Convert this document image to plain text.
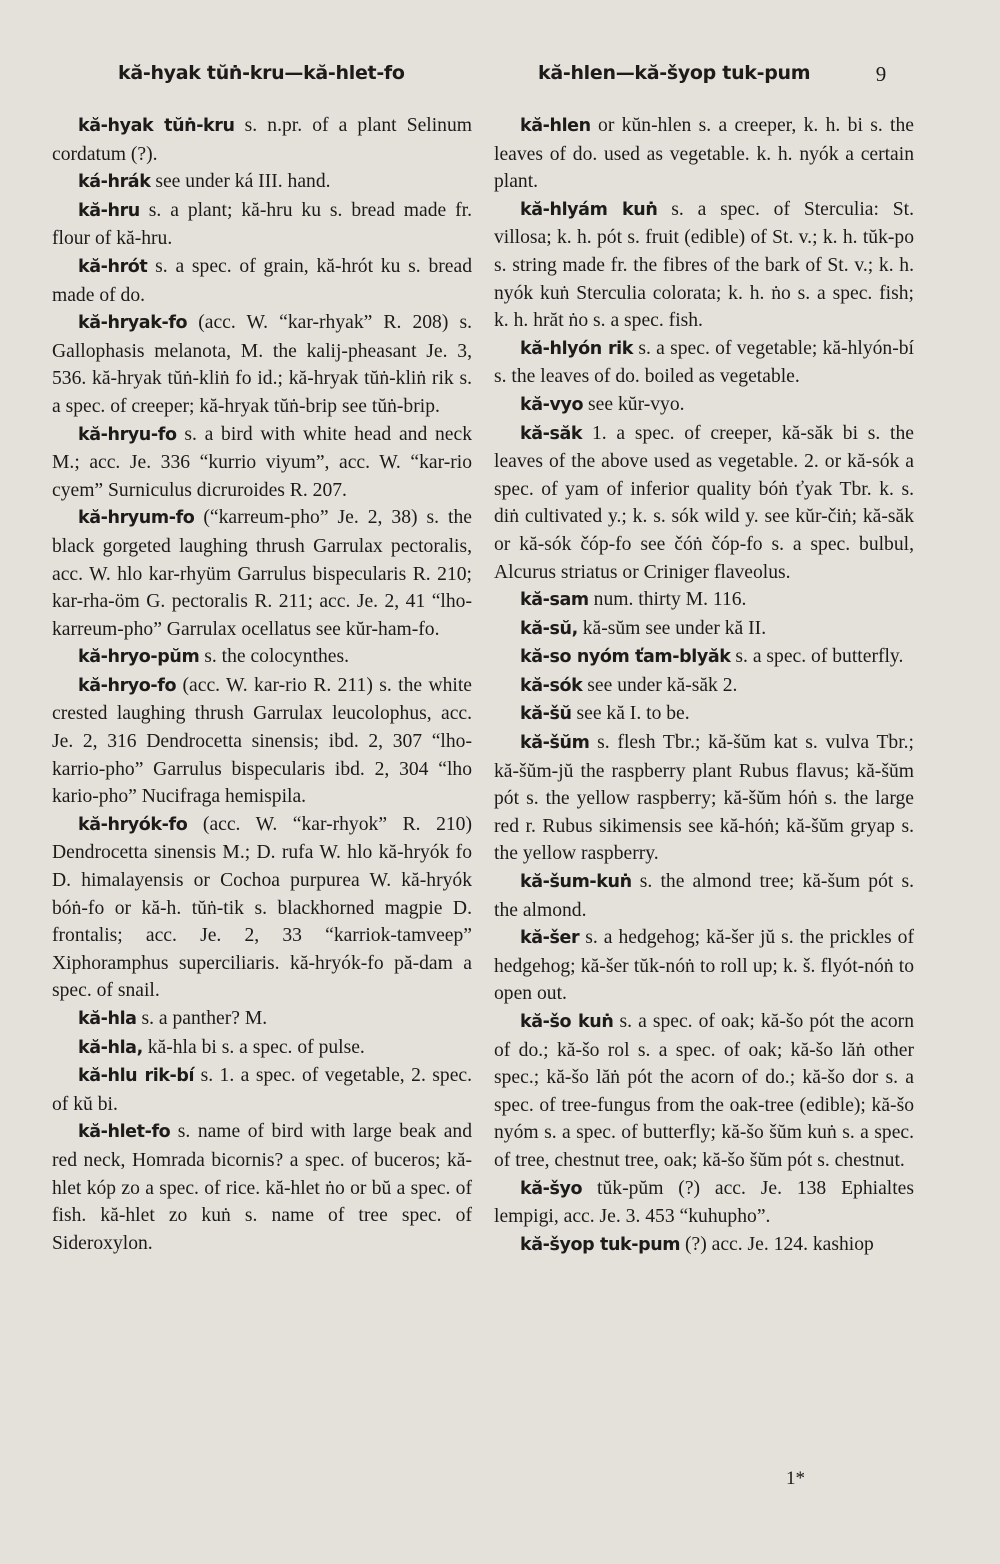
kă-hyak tŭṅ-kru—kă-hlet-fo	kă-hlen—kă-šyop tuk-pum	9

kă-hyak tŭṅ-kru s. n.pr. of a plant Selinum cordatum (?).

ká-hrák see under ká III. hand.

kă-hru s. a plant; kă-hru ku s. bread made fr. flour of kă-hru.

kă-hrót s. a spec. of grain, kă-hrót ku s. bread made of do.

kă-hryak-fo (acc. W. “kar-rhyak” R. 208) s. Gallophasis melanota, M. the kalij-pheasant Je. 3, 536. kă-hryak tŭṅ-kliṅ fo id.; kă-hryak tŭṅ-kliṅ rik s. a spec. of creeper; kă-hryak tŭṅ-brip see tŭṅ-brip.

kă-hryu-fo s. a bird with white head and neck M.; acc. Je. 336 “kurrio viyum”, acc. W. “kar-rio cyem” Surniculus dicruroides R. 207.

kă-hryum-fo (“karreum-pho” Je. 2, 38) s. the black gorgeted laughing thrush Garrulax pectoralis, acc. W. hlo kar-rhyüm Garrulus bispecularis R. 210; kar-rha-öm G. pectoralis R. 211; acc. Je. 2, 41 “lho-karreum-pho” Garrulax ocellatus see kŭr-ham-fo.

kă-hryo-pŭm s. the colocynthes.

kă-hryo-fo (acc. W. kar-rio R. 211) s. the white crested laughing thrush Garrulax leucolophus, acc. Je. 2, 316 Dendrocetta sinensis; ibd. 2, 307 “lho-karrio-pho” Garrulus bispecularis ibd. 2, 304 “lho kario-pho” Nucifraga hemispila.

kă-hryók-fo (acc. W. “kar-rhyok” R. 210) Dendrocetta sinensis M.; D. rufa W. hlo kă-hryók fo D. himalayensis or Cochoa purpurea W. kă-hryók bóṅ-fo or kă-h. tŭṅ-tik s. blackhorned magpie D. frontalis; acc. Je. 2, 33 “karriok-tamveep” Xiphoramphus superciliaris. kă-hryók-fo pă-dam a spec. of snail.

kă-hla s. a panther? M.

kă-hla, kă-hla bi s. a spec. of pulse.

kă-hlu rik-bí s. 1. a spec. of vegetable, 2. spec. of kŭ bi.

kă-hlet-fo s. name of bird with large beak and red neck, Homrada bicornis? a spec. of buceros; kă-hlet kóp zo a spec. of rice. kă-hlet ṅo or bŭ a spec. of fish. kă-hlet zo kuṅ s. name of tree spec. of Sideroxylon.

kă-hlen or kŭn-hlen s. a creeper, k. h. bi s. the leaves of do. used as vegetable. k. h. nyók a certain plant.

kă-hlyám kuṅ s. a spec. of Sterculia: St. villosa; k. h. pót s. fruit (edible) of St. v.; k. h. tŭk-po s. string made fr. the fibres of the bark of St. v.; k. h. nyók kuṅ Sterculia colorata; k. h. ṅo s. a spec. fish; k. h. hrăt ṅo s. a spec. fish.

kă-hlyón rik s. a spec. of vegetable; kă-hlyón-bí s. the leaves of do. boiled as vegetable.

kă-vyo see kŭr-vyo.

kă-săk 1. a spec. of creeper, kă-săk bi s. the leaves of the above used as vegetable. 2. or kă-sók a spec. of yam of inferior quality bóṅ ťyak Tbr. k. s. diṅ cultivated y.; k. s. sók wild y. see kŭr-čiṅ; kă-săk or kă-sók čóp-fo see čóṅ čóp-fo s. a spec. bulbul, Alcurus striatus or Criniger flaveolus.

kă-sam num. thirty M. 116.

kă-sŭ, kă-sŭm see under kă II.

kă-so nyóm ťam-blyăk s. a spec. of butterfly.

kă-sók see under kă-săk 2.

kă-šŭ see kă I. to be.

kă-šŭm s. flesh Tbr.; kă-šŭm kat s. vulva Tbr.; kă-šŭm-jŭ the raspberry plant Rubus flavus; kă-šŭm pót s. the yellow raspberry; kă-šŭm hóṅ s. the large red r. Rubus sikimensis see kă-hóṅ; kă-šŭm gryap s. the yellow raspberry.

kă-šum-kuṅ s. the almond tree; kă-šum pót s. the almond.

kă-šer s. a hedgehog; kă-šer jŭ s. the prickles of hedgehog; kă-šer tŭk-nóṅ to roll up; k. š. flyót-nóṅ to open out.

kă-šo kuṅ s. a spec. of oak; kă-šo pót the acorn of do.; kă-šo rol s. a spec. of oak; kă-šo lăṅ other spec.; kă-šo lăṅ pót the acorn of do.; kă-šo dor s. a spec. of tree-fungus from the oak-tree (edible); kă-šo nyóm s. a spec. of butterfly; kă-šo šŭm kuṅ s. a spec. of tree, chestnut tree, oak; kă-šo šŭm pót s. chestnut.

kă-šyo tŭk-pŭm (?) acc. Je. 138 Ephialtes lempigi, acc. Je. 3. 453 “kuhupho”.

kă-šyop tuk-pum (?) acc. Je. 124. kashiop

1*
